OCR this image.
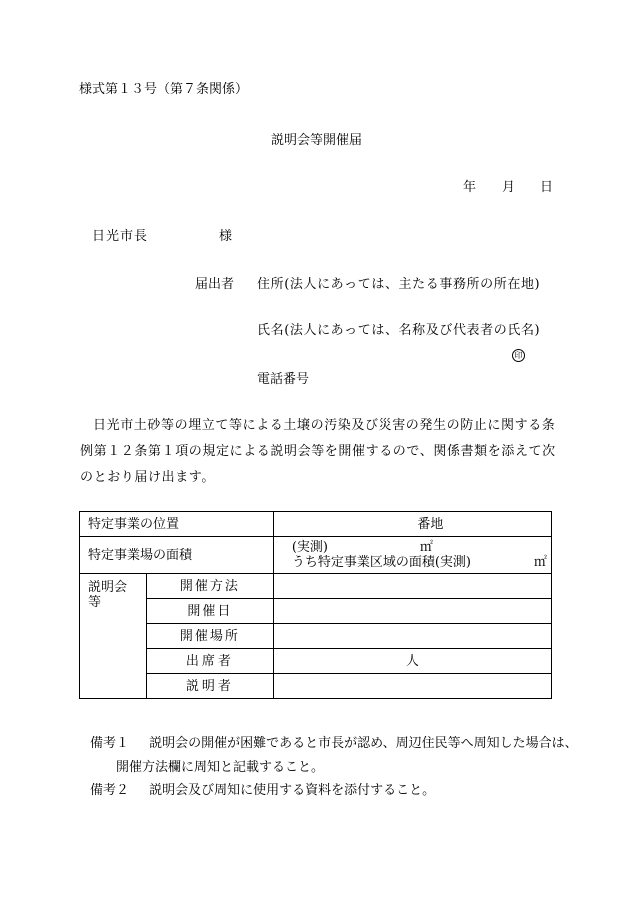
様式第１３号（第７条関係）
説明会等開催届
年 月 日
日光市長	様
届出者 住所(法人にあっては、主たる事務所の所在地)
氏名(法人にあっては、名称及び代表者の氏名)
印
電話番号
日光市土砂等の埋立て等による土壌の汚染及び災害の発生の防止に関する条例第１２条第１項の規定による説明会等を開催するので、関係書類を添えて次のとおり届け出ます。
特定事業の位置		番地
特定事業場の面積		(実測) ㎡
うち特定事業区域の面積(実測) ㎡

説明会等	開催方法	
	開催日	
	開催場所	
	出席者	人
	説明者	
備考１ 説明会の開催が困難であると市長が認め、周辺住民等へ周知した場合は、
開催方法欄に周知と記載すること。
備考２ 説明会及び周知に使用する資料を添付すること。
